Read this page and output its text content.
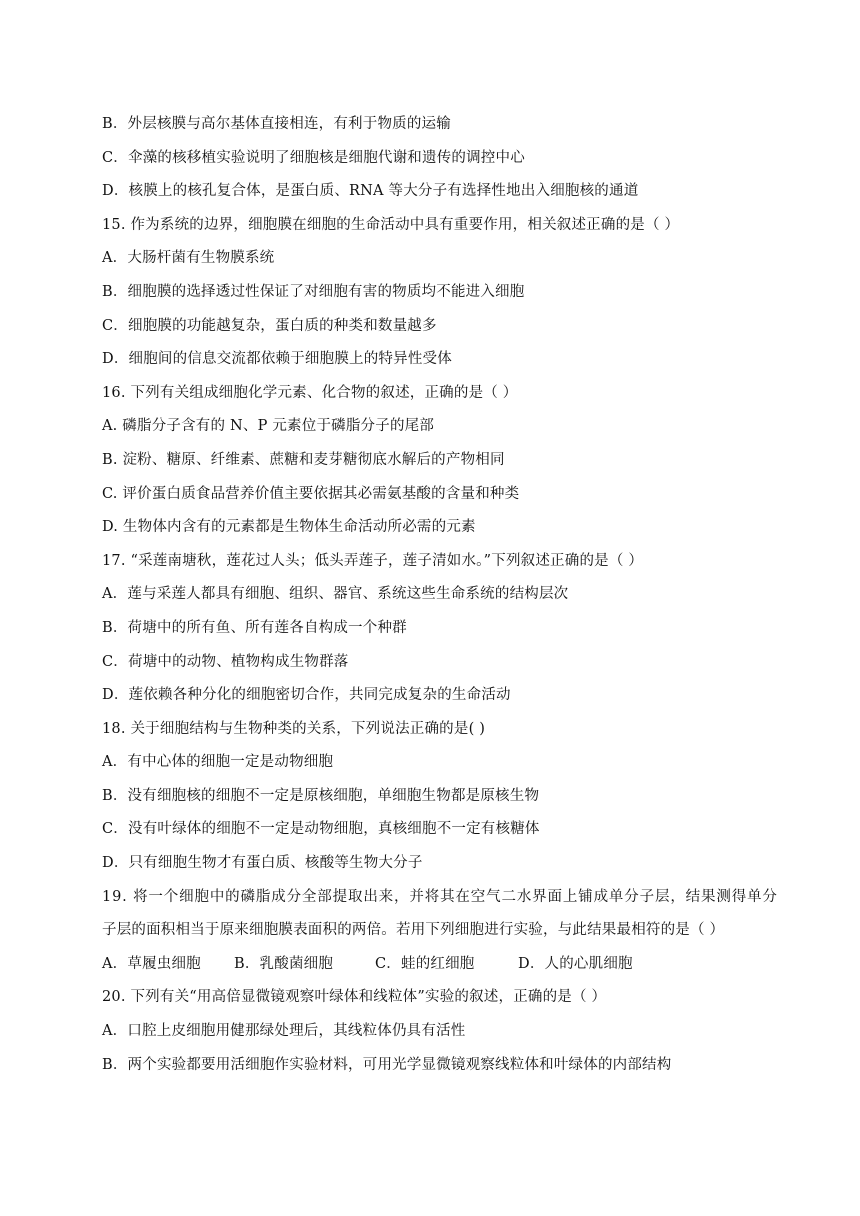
B．外层核膜与高尔基体直接相连，有利于物质的运输
C．伞藻的核移植实验说明了细胞核是细胞代谢和遗传的调控中心
D．核膜上的核孔复合体，是蛋白质、RNA 等大分子有选择性地出入细胞核的通道
15. 作为系统的边界，细胞膜在细胞的生命活动中具有重要作用，相关叙述正确的是（ ）
A．大肠杆菌有生物膜系统
B．细胞膜的选择透过性保证了对细胞有害的物质均不能进入细胞
C．细胞膜的功能越复杂，蛋白质的种类和数量越多
D．细胞间的信息交流都依赖于细胞膜上的特异性受体
16. 下列有关组成细胞化学元素、化合物的叙述，正确的是（ ）
A. 磷脂分子含有的 N、P 元素位于磷脂分子的尾部
B. 淀粉、糖原、纤维素、蔗糖和麦芽糖彻底水解后的产物相同
C. 评价蛋白质食品营养价值主要依据其必需氨基酸的含量和种类
D. 生物体内含有的元素都是生物体生命活动所必需的元素
17. “采莲南塘秋，莲花过人头；低头弄莲子，莲子清如水。”下列叙述正确的是（ ）
A．莲与采莲人都具有细胞、组织、器官、系统这些生命系统的结构层次
B．荷塘中的所有鱼、所有莲各自构成一个种群
C．荷塘中的动物、植物构成生物群落
D．莲依赖各种分化的细胞密切合作，共同完成复杂的生命活动
18. 关于细胞结构与生物种类的关系，下列说法正确的是( )
A．有中心体的细胞一定是动物细胞
B．没有细胞核的细胞不一定是原核细胞，单细胞生物都是原核生物
C．没有叶绿体的细胞不一定是动物细胞，真核细胞不一定有核糖体
D．只有细胞生物才有蛋白质、核酸等生物大分子
19. 将一个细胞中的磷脂成分全部提取出来，并将其在空气二水界面上铺成单分子层，结果测得单分
子层的面积相当于原来细胞膜表面积的两倍。若用下列细胞进行实验，与此结果最相符的是（ ）
A．草履虫细胞	B．乳酸菌细胞	C．蛙的红细胞	D．人的心肌细胞
20. 下列有关“用高倍显微镜观察叶绿体和线粒体”实验的叙述，正确的是（ ）
A．口腔上皮细胞用健那绿处理后，其线粒体仍具有活性
B．两个实验都要用活细胞作实验材料，可用光学显微镜观察线粒体和叶绿体的内部结构
